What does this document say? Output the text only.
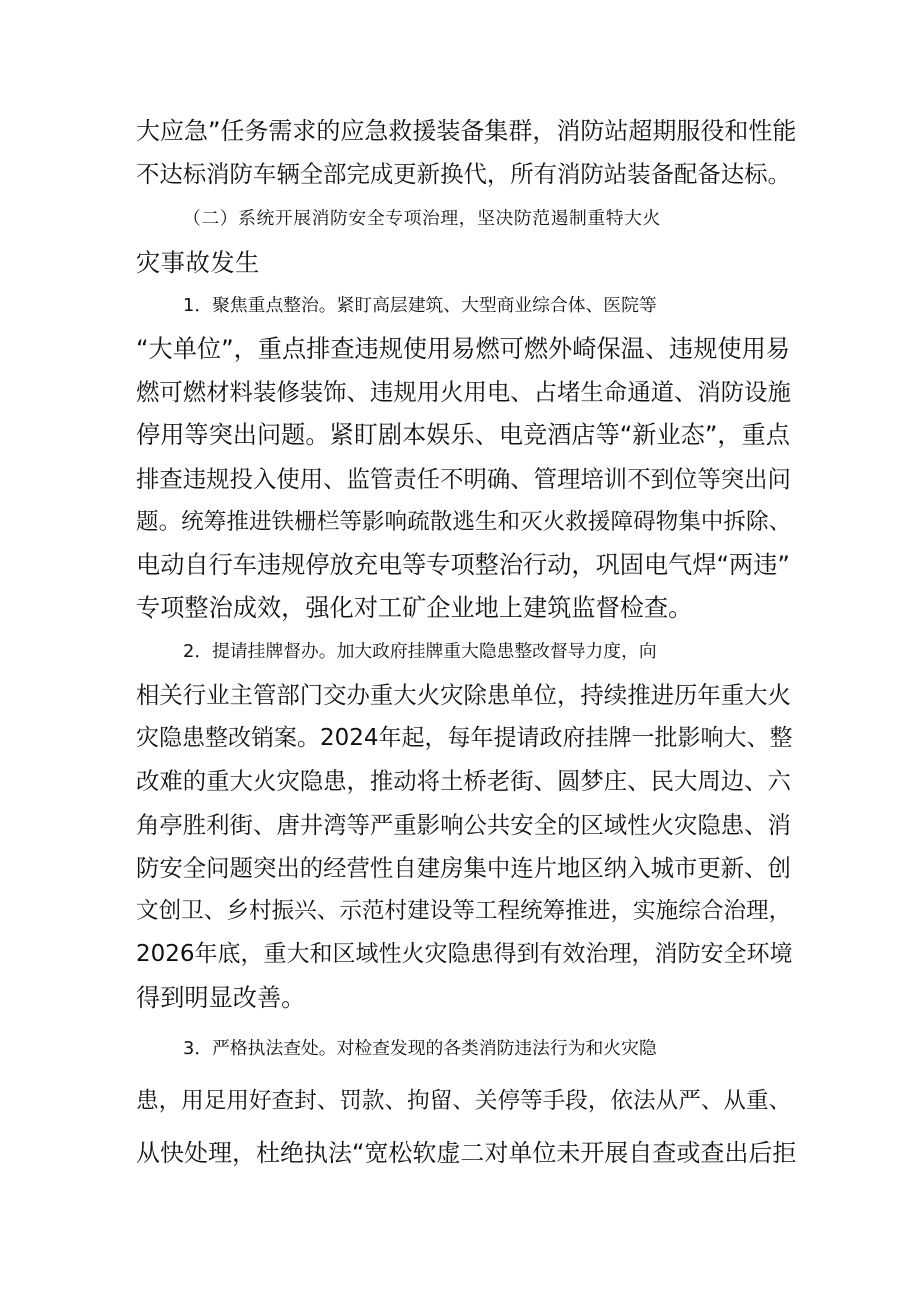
大应急”任务需求的应急救援装备集群，消防站超期服役和性能
不达标消防车辆全部完成更新换代，所有消防站装备配备达标。
（二）系统开展消防安全专项治理，坚决防范遏制重特大火
灾事故发生
1．聚焦重点整治。紧盯高层建筑、大型商业综合体、医院等
“大单位”，重点排查违规使用易燃可燃外崎保温、违规使用易
燃可燃材料装修装饰、违规用火用电、占堵生命通道、消防设施
停用等突出问题。紧盯剧本娱乐、电竞酒店等“新业态”，重点
排查违规投入使用、监管责任不明确、管理培训不到位等突出问
题。统筹推进铁栅栏等影响疏散逃生和灭火救援障碍物集中拆除、
电动自行车违规停放充电等专项整治行动，巩固电气焊“两违”
专项整治成效，强化对工矿企业地上建筑监督检查。
2．提请挂牌督办。加大政府挂牌重大隐患整改督导力度，向
相关行业主管部门交办重大火灾除患单位，持续推进历年重大火
灾隐患整改销案。2024年起，每年提请政府挂牌一批影响大、整
改难的重大火灾隐患，推动将土桥老街、圆梦庄、民大周边、六
角亭胜利街、唐井湾等严重影响公共安全的区域性火灾隐患、消
防安全问题突出的经营性自建房集中连片地区纳入城市更新、创
文创卫、乡村振兴、示范村建设等工程统筹推进，实施综合治理，
2026年底，重大和区域性火灾隐患得到有效治理，消防安全环境
得到明显改善。
3．严格执法查处。对检查发现的各类消防违法行为和火灾隐
患，用足用好查封、罚款、拘留、关停等手段，依法从严、从重、
从快处理，杜绝执法“宽松软虚二对单位未开展自查或查出后拒
